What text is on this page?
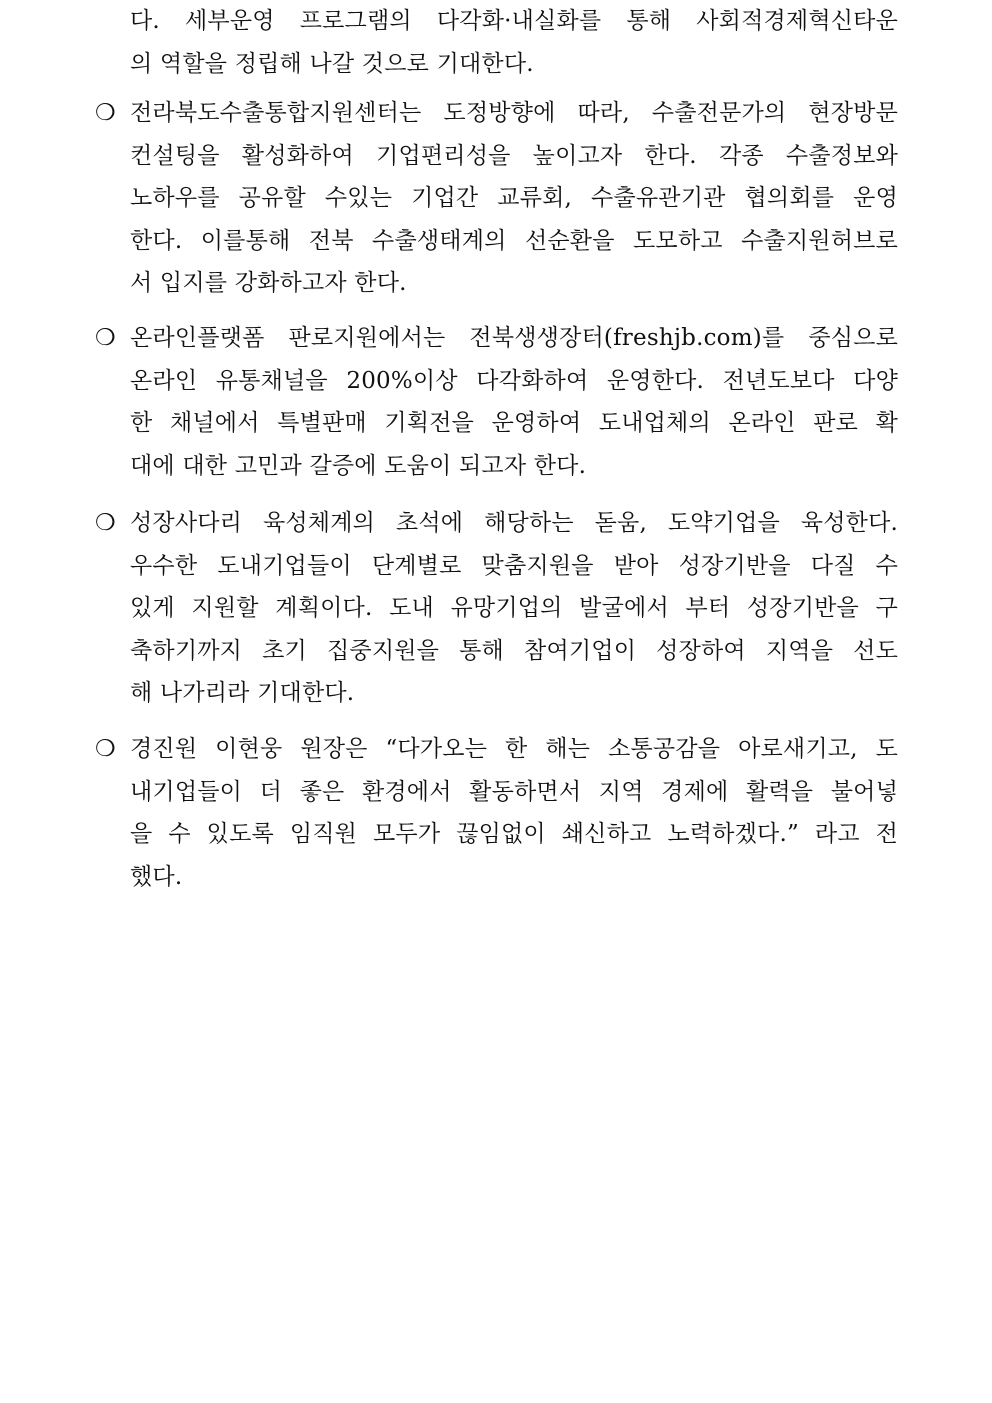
다. 세부운영 프로그램의 다각화·내실화를 통해 사회적경제혁신타운
의 역할을 정립해 나갈 것으로 기대한다.
❍ 전라북도수출통합지원센터는 도정방향에 따라, 수출전문가의 현장방문
컨설팅을 활성화하여 기업편리성을 높이고자 한다. 각종 수출정보와
노하우를 공유할 수있는 기업간 교류회, 수출유관기관 협의회를 운영
한다. 이를통해 전북 수출생태계의 선순환을 도모하고 수출지원허브로
서 입지를 강화하고자 한다.
❍ 온라인플랫폼 판로지원에서는 전북생생장터(freshjb.com)를 중심으로
온라인 유통채널을 200%이상 다각화하여 운영한다. 전년도보다 다양
한 채널에서 특별판매 기획전을 운영하여 도내업체의 온라인 판로 확
대에 대한 고민과 갈증에 도움이 되고자 한다.
❍ 성장사다리 육성체계의 초석에 해당하는 돋움, 도약기업을 육성한다.
우수한 도내기업들이 단계별로 맞춤지원을 받아 성장기반을 다질 수
있게 지원할 계획이다. 도내 유망기업의 발굴에서 부터 성장기반을 구
축하기까지 초기 집중지원을 통해 참여기업이 성장하여 지역을 선도
해 나가리라 기대한다.
❍ 경진원 이현웅 원장은 “다가오는 한 해는 소통공감을 아로새기고, 도
내기업들이 더 좋은 환경에서 활동하면서 지역 경제에 활력을 불어넣
을 수 있도록 임직원 모두가 끊임없이 쇄신하고 노력하겠다.” 라고 전
했다.
